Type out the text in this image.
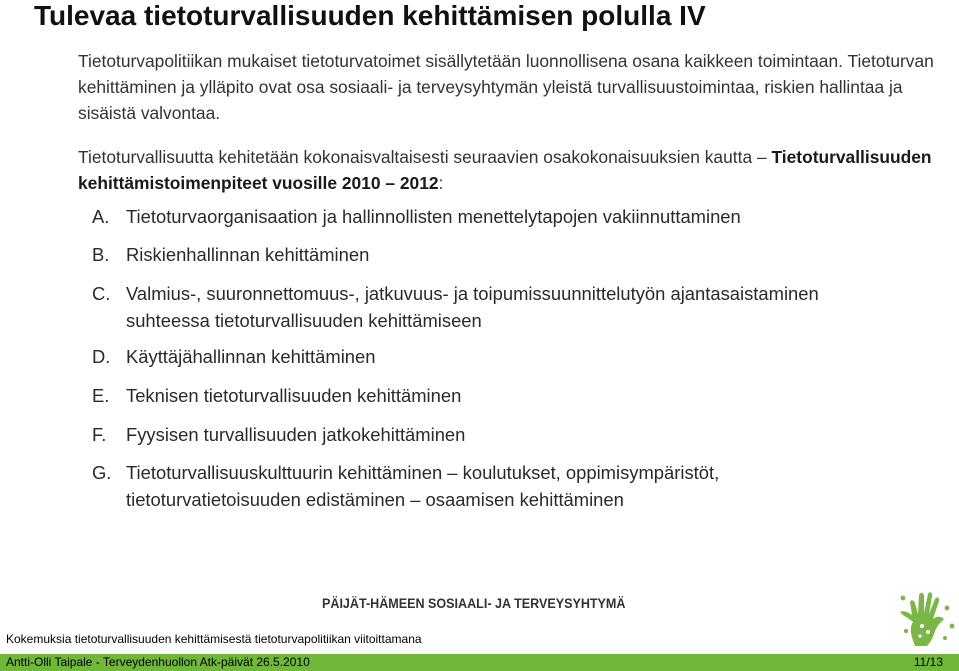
Tulevaa tietoturvallisuuden kehittämisen polulla IV
Tietoturvapolitiikan mukaiset tietoturvatoimet sisällytetään luonnollisena osana kaikkeen toimintaan. Tietoturvan kehittäminen ja ylläpito ovat osa sosiaali- ja terveysyhtymän yleistä turvallisuustoimintaa, riskien hallintaa ja sisäistä valvontaa.
Tietoturvallisuutta kehitetään kokonaisvaltaisesti seuraavien osakokonaisuuksien kautta – Tietoturvallisuuden kehittämistoimenpiteet vuosille 2010 – 2012:
A. Tietoturvaorganisaation ja hallinnollisten menettelytapojen vakiinnuttaminen
B. Riskienhallinnan kehittäminen
C. Valmius-, suuronnettomuus-, jatkuvuus- ja toipumissuunnittelutyön ajantasaistaminen suhteessa tietoturvallisuuden kehittämiseen
D. Käyttäjähallinnan kehittäminen
E. Teknisen tietoturvallisuuden kehittäminen
F. Fyysisen turvallisuuden jatkokehittäminen
G. Tietoturvallisuuskulttuurin kehittäminen – koulutukset, oppimisympäristöt, tietoturvatietoisuuden edistäminen – osaamisen kehittäminen
PÄIJÄT-HÄMEEN SOSIAALI- JA TERVEYSYHTYMÄ
Kokemuksia tietoturvallisuuden kehittämisestä tietoturvapolitiikan viitoittamana
Antti-Olli Taipale - Terveydenhuollon Atk-päivät 26.5.2010	11/13
